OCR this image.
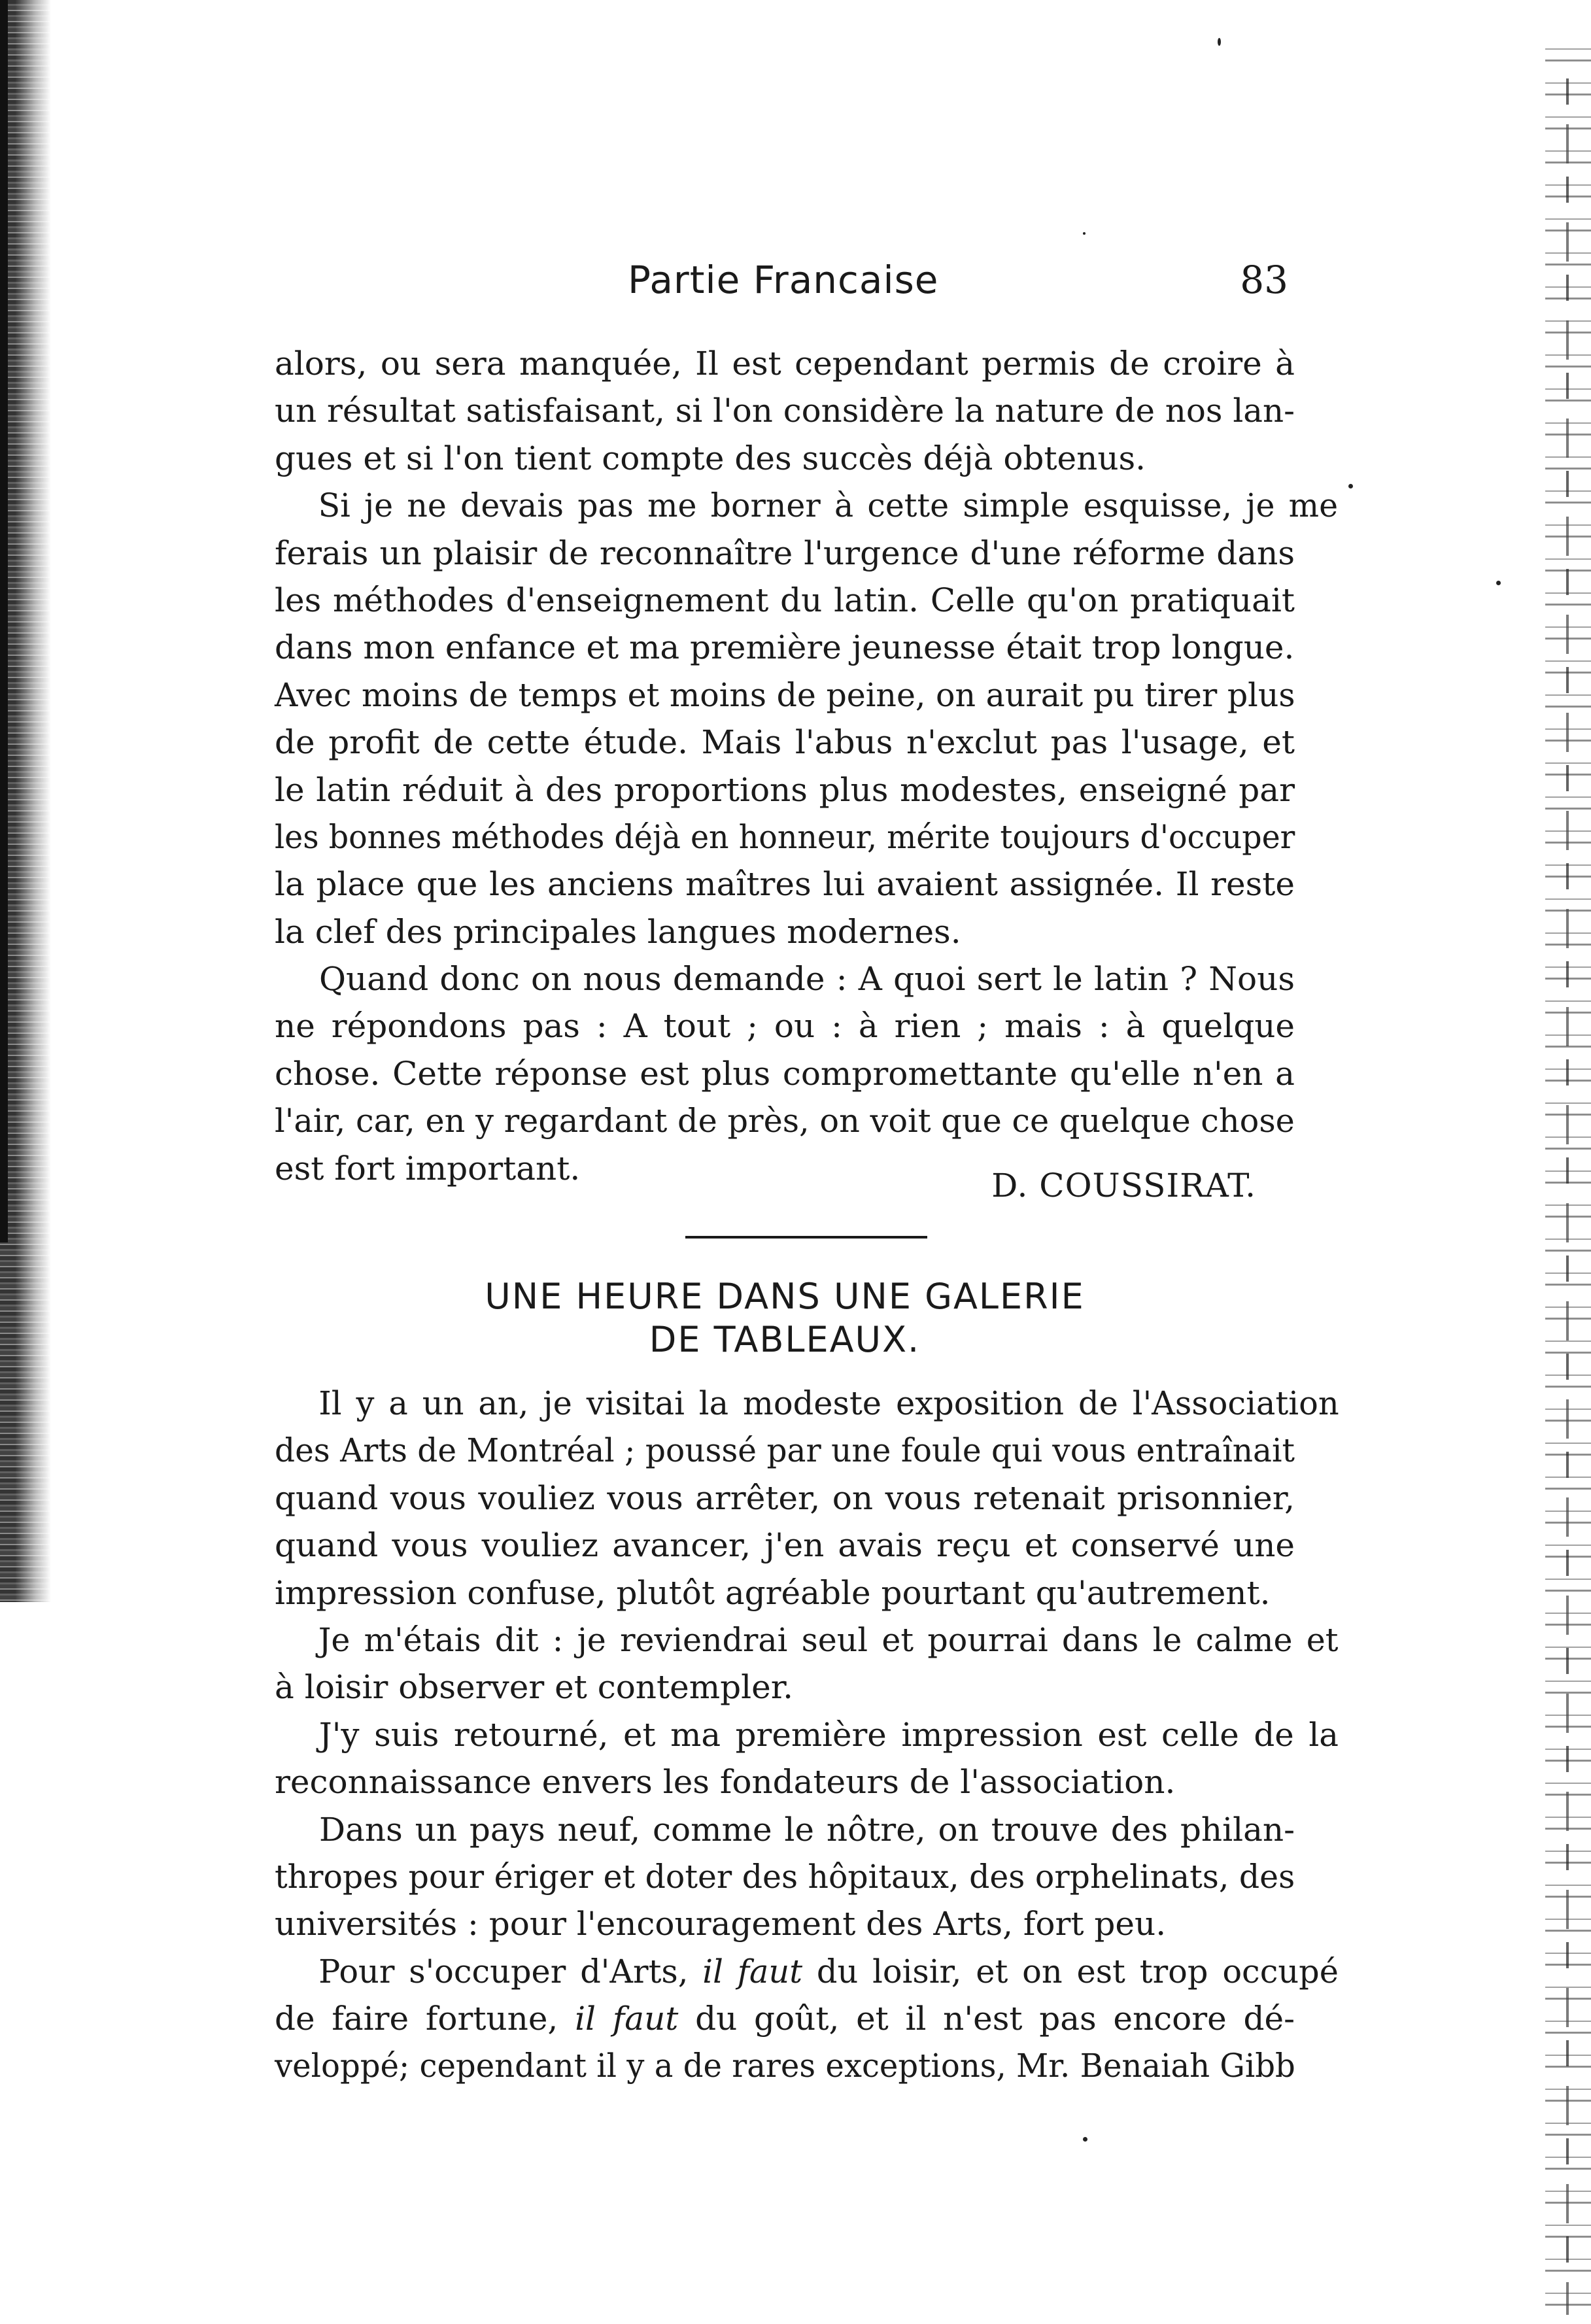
Partie Francaise	83
alors, ou sera manquée, Il est cependant permis de croire à
un résultat satisfaisant, si l'on considère la nature de nos lan-
gues et si l'on tient compte des succès déjà obtenus.
Si je ne devais pas me borner à cette simple esquisse, je me
ferais un plaisir de reconnaître l'urgence d'une réforme dans
les méthodes d'enseignement du latin. Celle qu'on pratiquait
dans mon enfance et ma première jeunesse était trop longue.
Avec moins de temps et moins de peine, on aurait pu tirer plus
de profit de cette étude. Mais l'abus n'exclut pas l'usage, et
le latin réduit à des proportions plus modestes, enseigné par
les bonnes méthodes déjà en honneur, mérite toujours d'occuper
la place que les anciens maîtres lui avaient assignée. Il reste
la clef des principales langues modernes.
Quand donc on nous demande : A quoi sert le latin ? Nous
ne répondons pas : A tout ; ou : à rien ; mais : à quelque
chose. Cette réponse est plus compromettante qu'elle n'en a
l'air, car, en y regardant de près, on voit que ce quelque chose
est fort important.	D. COUSSIRAT.
UNE HEURE DANS UNE GALERIE
DE TABLEAUX.
Il y a un an, je visitai la modeste exposition de l'Association
des Arts de Montréal ; poussé par une foule qui vous entraînait
quand vous vouliez vous arrêter, on vous retenait prisonnier,
quand vous vouliez avancer, j'en avais reçu et conservé une
impression confuse, plutôt agréable pourtant qu'autrement.
Je m'étais dit : je reviendrai seul et pourrai dans le calme et
à loisir observer et contempler.
J'y suis retourné, et ma première impression est celle de la
reconnaissance envers les fondateurs de l'association.
Dans un pays neuf, comme le nôtre, on trouve des philan-
thropes pour ériger et doter des hôpitaux, des orphelinats, des
universités : pour l'encouragement des Arts, fort peu.
Pour s'occuper d'Arts, il faut du loisir, et on est trop occupé
de faire fortune, il faut du goût, et il n'est pas encore dé-
veloppé; cependant il y a de rares exceptions, Mr. Benaiah Gibb
